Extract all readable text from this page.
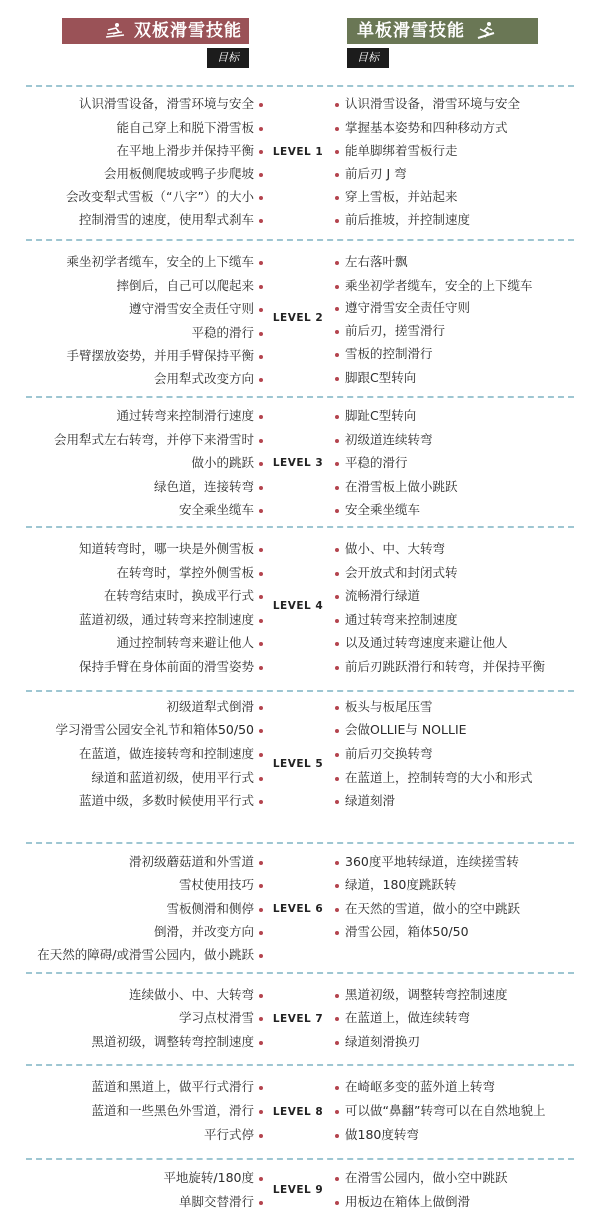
双板滑雪技能
目标
单板滑雪技能
目标
认识滑雪设备，滑雪环境与安全
能自己穿上和脱下滑雪板
在平地上滑步并保持平衡
会用板侧爬坡或鸭子步爬坡
会改变犁式雪板（“八字”）的大小
控制滑雪的速度，使用犁式刹车
认识滑雪设备，滑雪环境与安全
掌握基本姿势和四种移动方式
能单脚绑着雪板行走
前后刃 J 弯
穿上雪板，并站起来
前后推坡，并控制速度
LEVEL 1
乘坐初学者缆车，安全的上下缆车
摔倒后，自己可以爬起来
遵守滑雪安全责任守则
平稳的滑行
手臂摆放姿势，并用手臂保持平衡
会用犁式改变方向
左右落叶飘
乘坐初学者缆车，安全的上下缆车
遵守滑雪安全责任守则
前后刃，搓雪滑行
雪板的控制滑行
脚跟C型转向
LEVEL 2
通过转弯来控制滑行速度
会用犁式左右转弯，并停下来滑雪时
做小的跳跃
绿色道，连接转弯
安全乘坐缆车
脚趾C型转向
初级道连续转弯
平稳的滑行
在滑雪板上做小跳跃
安全乘坐缆车
LEVEL 3
知道转弯时，哪一块是外侧雪板
在转弯时，掌控外侧雪板
在转弯结束时，换成平行式
蓝道初级，通过转弯来控制速度
通过控制转弯来避让他人
保持手臂在身体前面的滑雪姿势
做小、中、大转弯
会开放式和封闭式转
流畅滑行绿道
通过转弯来控制速度
以及通过转弯速度来避让他人
前后刃跳跃滑行和转弯，并保持平衡
LEVEL 4
初级道犁式倒滑
学习滑雪公园安全礼节和箱体50/50
在蓝道，做连接转弯和控制速度
绿道和蓝道初级，使用平行式
蓝道中级，多数时候使用平行式
板头与板尾压雪
会做OLLIE与 NOLLIE
前后刃交换转弯
在蓝道上，控制转弯的大小和形式
绿道刻滑
LEVEL 5
滑初级蘑菇道和外雪道
雪杖使用技巧
雪板侧滑和侧停
倒滑，并改变方向
在天然的障碍/或滑雪公园内，做小跳跃
360度平地转绿道，连续搓雪转
绿道，180度跳跃转
在天然的雪道，做小的空中跳跃
滑雪公园，箱体50/50
LEVEL 6
连续做小、中、大转弯
学习点杖滑雪
黑道初级，调整转弯控制速度
黑道初级，调整转弯控制速度
在蓝道上，做连续转弯
绿道刻滑换刃
LEVEL 7
蓝道和黑道上，做平行式滑行
蓝道和一些黑色外雪道，滑行
平行式停
在崎岖多变的蓝外道上转弯
可以做“鼻翻”转弯可以在自然地貌上
做180度转弯
LEVEL 8
平地旋转/180度
单脚交替滑行
在滑雪公园内，做小空中跳跃
用板边在箱体上做倒滑
LEVEL 9
